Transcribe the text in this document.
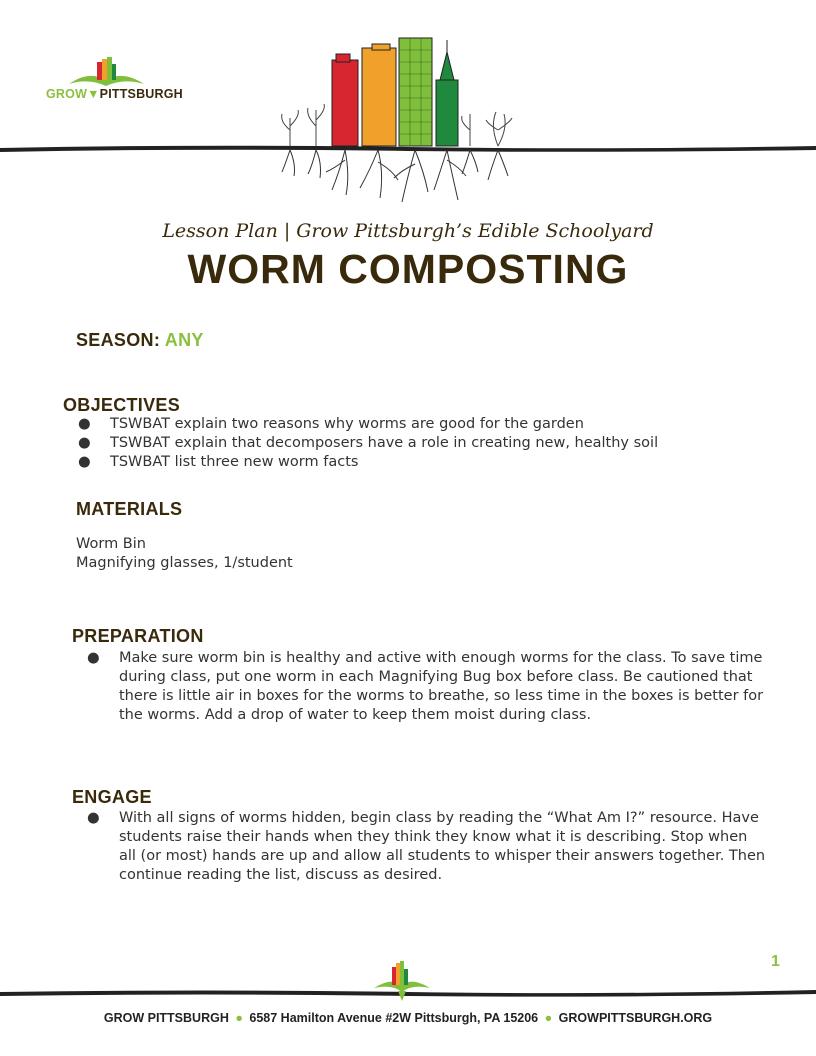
GROW▼PITTSBURGH
Lesson Plan | Grow Pittsburgh’s Edible Schoolyard
WORM COMPOSTING
SEASON: ANY
OBJECTIVES
● TSWBAT explain two reasons why worms are good for the garden
● TSWBAT explain that decomposers have a role in creating new, healthy soil
● TSWBAT list three new worm facts
MATERIALS
Worm Bin
Magnifying glasses, 1/student
PREPARATION
● Make sure worm bin is healthy and active with enough worms for the class. To save time during class, put one worm in each Magnifying Bug box before class. Be cautioned that there is little air in boxes for the worms to breathe, so less time in the boxes is better for the worms. Add a drop of water to keep them moist during class.
ENGAGE
● With all signs of worms hidden, begin class by reading the “What Am I?” resource. Have students raise their hands when they think they know what it is describing. Stop when all (or most) hands are up and allow all students to whisper their answers together. Then continue reading the list, discuss as desired.
1
GROW PITTSBURGH ● 6587 Hamilton Avenue #2W Pittsburgh, PA 15206 ● GROWPITTSBURGH.ORG
